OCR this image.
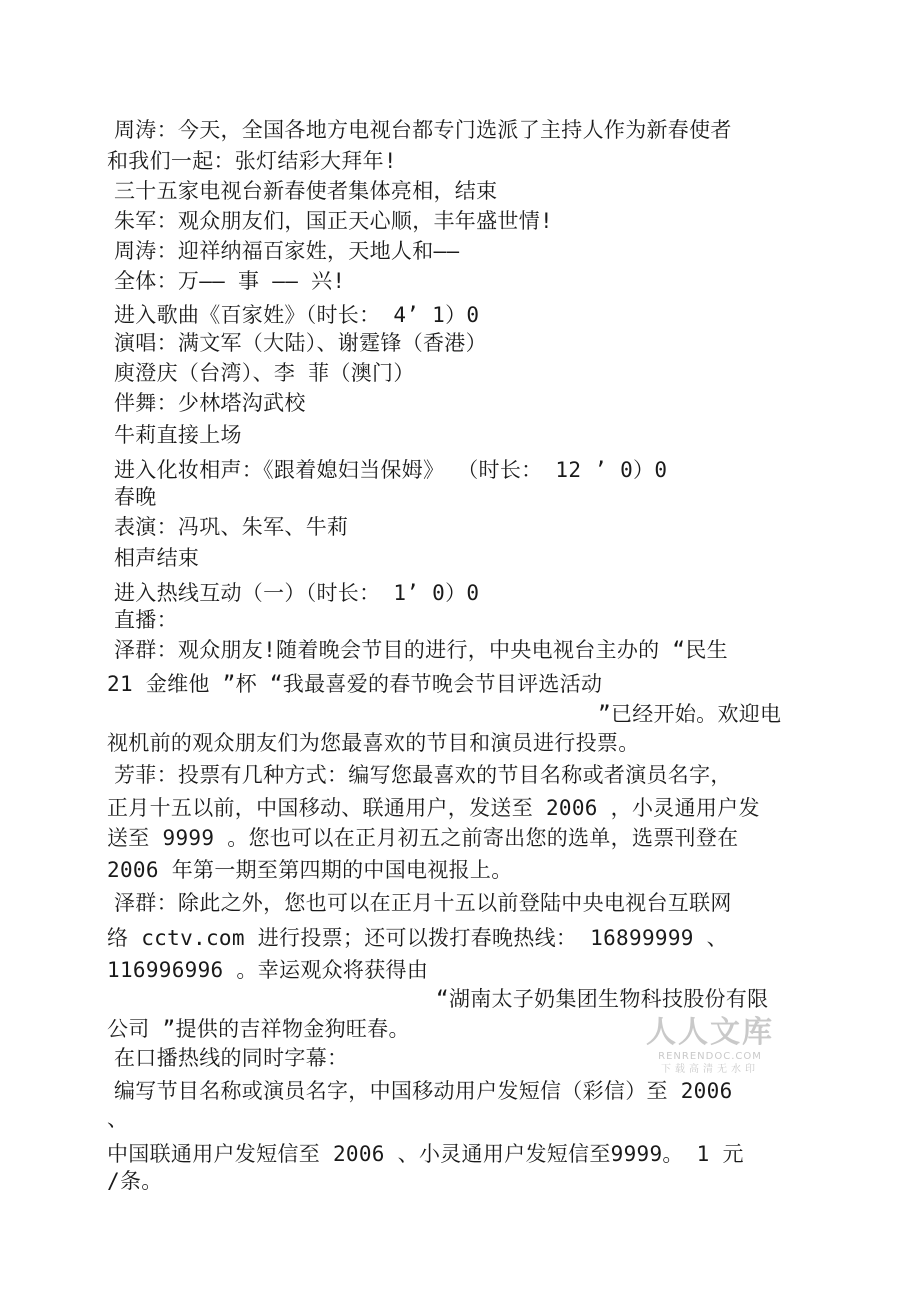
周涛：今天，全国各地方电视台都专门选派了主持人作为新春使者
和我们一起：张灯结彩大拜年!
三十五家电视台新春使者集体亮相，结束
朱军：观众朋友们，国正天心顺，丰年盛世情!
周涛：迎祥纳福百家姓，天地人和——
全体：万—— 事 —— 兴!
进入歌曲《百家姓》（时长： 4’ 1）0
演唱：满文军（大陆）、谢霆锋（香港）
庾澄庆（台湾）、李 菲（澳门）
伴舞：少林塔沟武校
牛莉直接上场
进入化妆相声：《跟着媳妇当保姆》 （时长： 12 ’ 0）0
春晚
表演：冯巩、朱军、牛莉
相声结束
进入热线互动（一）（时长： 1’ 0）0
直播：
泽群：观众朋友!随着晚会节目的进行，中央电视台主办的 “民生
21 金维他 ”杯 “我最喜爱的春节晚会节目评选活动
”已经开始。欢迎电
视机前的观众朋友们为您最喜欢的节目和演员进行投票。
芳菲：投票有几种方式：编写您最喜欢的节目名称或者演员名字，
正月十五以前，中国移动、联通用户，发送至 2006 ，小灵通用户发
送至 9999 。您也可以在正月初五之前寄出您的选单，选票刊登在
2006 年第一期至第四期的中国电视报上。
泽群：除此之外，您也可以在正月十五以前登陆中央电视台互联网
络 cctv.com 进行投票；还可以拨打春晚热线： 16899999 、
116996996 。幸运观众将获得由
“湖南太子奶集团生物科技股份有限
公司 ”提供的吉祥物金狗旺春。
在口播热线的同时字幕：
编写节目名称或演员名字，中国移动用户发短信（彩信）至 2006
、
中国联通用户发短信至 2006 、小灵通用户发短信至9999。 1 元
/条。
人人文库
RENRENDOC.COM
下载高清无水印
